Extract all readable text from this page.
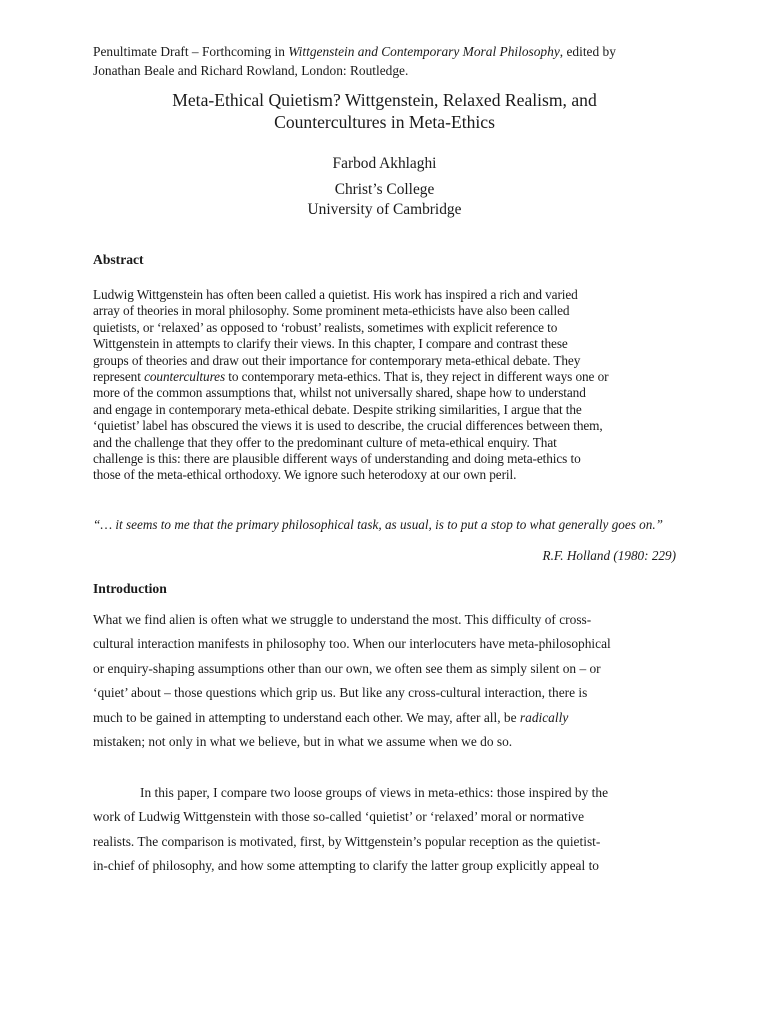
Penultimate Draft – Forthcoming in Wittgenstein and Contemporary Moral Philosophy, edited by
Jonathan Beale and Richard Rowland, London: Routledge.
Meta-Ethical Quietism? Wittgenstein, Relaxed Realism, and
Countercultures in Meta-Ethics
Farbod Akhlaghi
Christ’s College
University of Cambridge
Abstract
Ludwig Wittgenstein has often been called a quietist. His work has inspired a rich and varied
array of theories in moral philosophy. Some prominent meta-ethicists have also been called
quietists, or ‘relaxed’ as opposed to ‘robust’ realists, sometimes with explicit reference to
Wittgenstein in attempts to clarify their views. In this chapter, I compare and contrast these
groups of theories and draw out their importance for contemporary meta-ethical debate. They
represent countercultures to contemporary meta-ethics. That is, they reject in different ways one or
more of the common assumptions that, whilst not universally shared, shape how to understand
and engage in contemporary meta-ethical debate. Despite striking similarities, I argue that the
‘quietist’ label has obscured the views it is used to describe, the crucial differences between them,
and the challenge that they offer to the predominant culture of meta-ethical enquiry. That
challenge is this: there are plausible different ways of understanding and doing meta-ethics to
those of the meta-ethical orthodoxy. We ignore such heterodoxy at our own peril.
“… it seems to me that the primary philosophical task, as usual, is to put a stop to what generally goes on.”
R.F. Holland (1980: 229)
Introduction
What we find alien is often what we struggle to understand the most. This difficulty of cross-
cultural interaction manifests in philosophy too. When our interlocuters have meta-philosophical
or enquiry-shaping assumptions other than our own, we often see them as simply silent on – or
‘quiet’ about – those questions which grip us. But like any cross-cultural interaction, there is
much to be gained in attempting to understand each other. We may, after all, be radically
mistaken; not only in what we believe, but in what we assume when we do so.
In this paper, I compare two loose groups of views in meta-ethics: those inspired by the
work of Ludwig Wittgenstein with those so-called ‘quietist’ or ‘relaxed’ moral or normative
realists. The comparison is motivated, first, by Wittgenstein’s popular reception as the quietist-
in-chief of philosophy, and how some attempting to clarify the latter group explicitly appeal to
